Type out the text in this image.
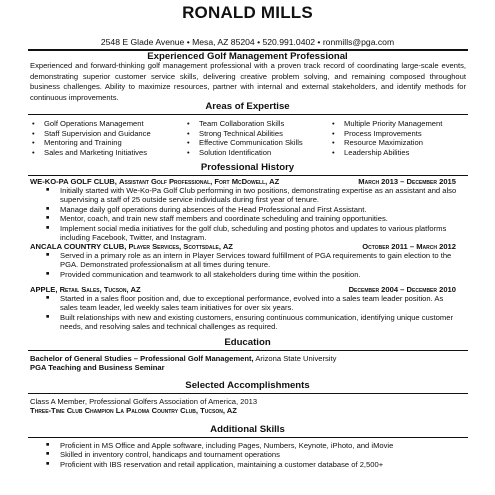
RONALD MILLS
2548 E Glade Avenue • Mesa, AZ 85204 • 520.991.0402 • ronmills@pga.com
Experienced Golf Management Professional
Experienced and forward-thinking golf management professional with a proven track record of coordinating large-scale events, demonstrating superior customer service skills, delivering creative problem solving, and remaining composed throughout business challenges. Ability to maximize resources, partner with internal and external stakeholders, and identify methods for continuous improvements.
Areas of Expertise
• Golf Operations Management
• Staff Supervision and Guidance
• Mentoring and Training
• Sales and Marketing Initiatives
• Team Collaboration Skills
• Strong Technical Abilities
• Effective Communication Skills
• Solution Identification
• Multiple Priority Management
• Process Improvements
• Resource Maximization
• Leadership Abilities
Professional History
WE-KO-PA GOLF CLUB, Assistant Golf Professional, Fort McDowell, AZ	March 2013 – December 2015
■ Initially started with We-Ko-Pa Golf Club performing in two positions, demonstrating expertise as an assistant and also supervising a staff of 25 outside service individuals during first year of tenure.
■ Manage daily golf operations during absences of the Head Professional and First Assistant.
■ Mentor, coach, and train new staff members and coordinate scheduling and training opportunities.
■ Implement social media initiatives for the golf club, scheduling and posting photos and updates to various platforms including Facebook, Twitter, and Instagram.
ANCALA COUNTRY CLUB, Player Services, Scottsdale, AZ	October 2011 – March 2012
■ Served in a primary role as an intern in Player Services toward fulfillment of PGA requirements to gain election to the PGA. Demonstrated professionalism at all times during tenure.
■ Provided communication and teamwork to all stakeholders during time within the position.
APPLE, Retail Sales, Tucson, AZ	December 2004 – December 2010
■ Started in a sales floor position and, due to exceptional performance, evolved into a sales team leader position. As sales team leader, led weekly sales team initiatives for over six years.
■ Built relationships with new and existing customers, ensuring continuous communication, identifying unique customer needs, and resolving sales and technical challenges as required.
Education
Bachelor of General Studies – Professional Golf Management, Arizona State University
PGA Teaching and Business Seminar
Selected Accomplishments
Class A Member, Professional Golfers Association of America, 2013
Three-Time Club Champion La Paloma Country Club, Tucson, AZ
Additional Skills
■ Proficient in MS Office and Apple software, including Pages, Numbers, Keynote, iPhoto, and iMovie
■ Skilled in inventory control, handicaps and tournament operations
■ Proficient with IBS reservation and retail application, maintaining a customer database of 2,500+
